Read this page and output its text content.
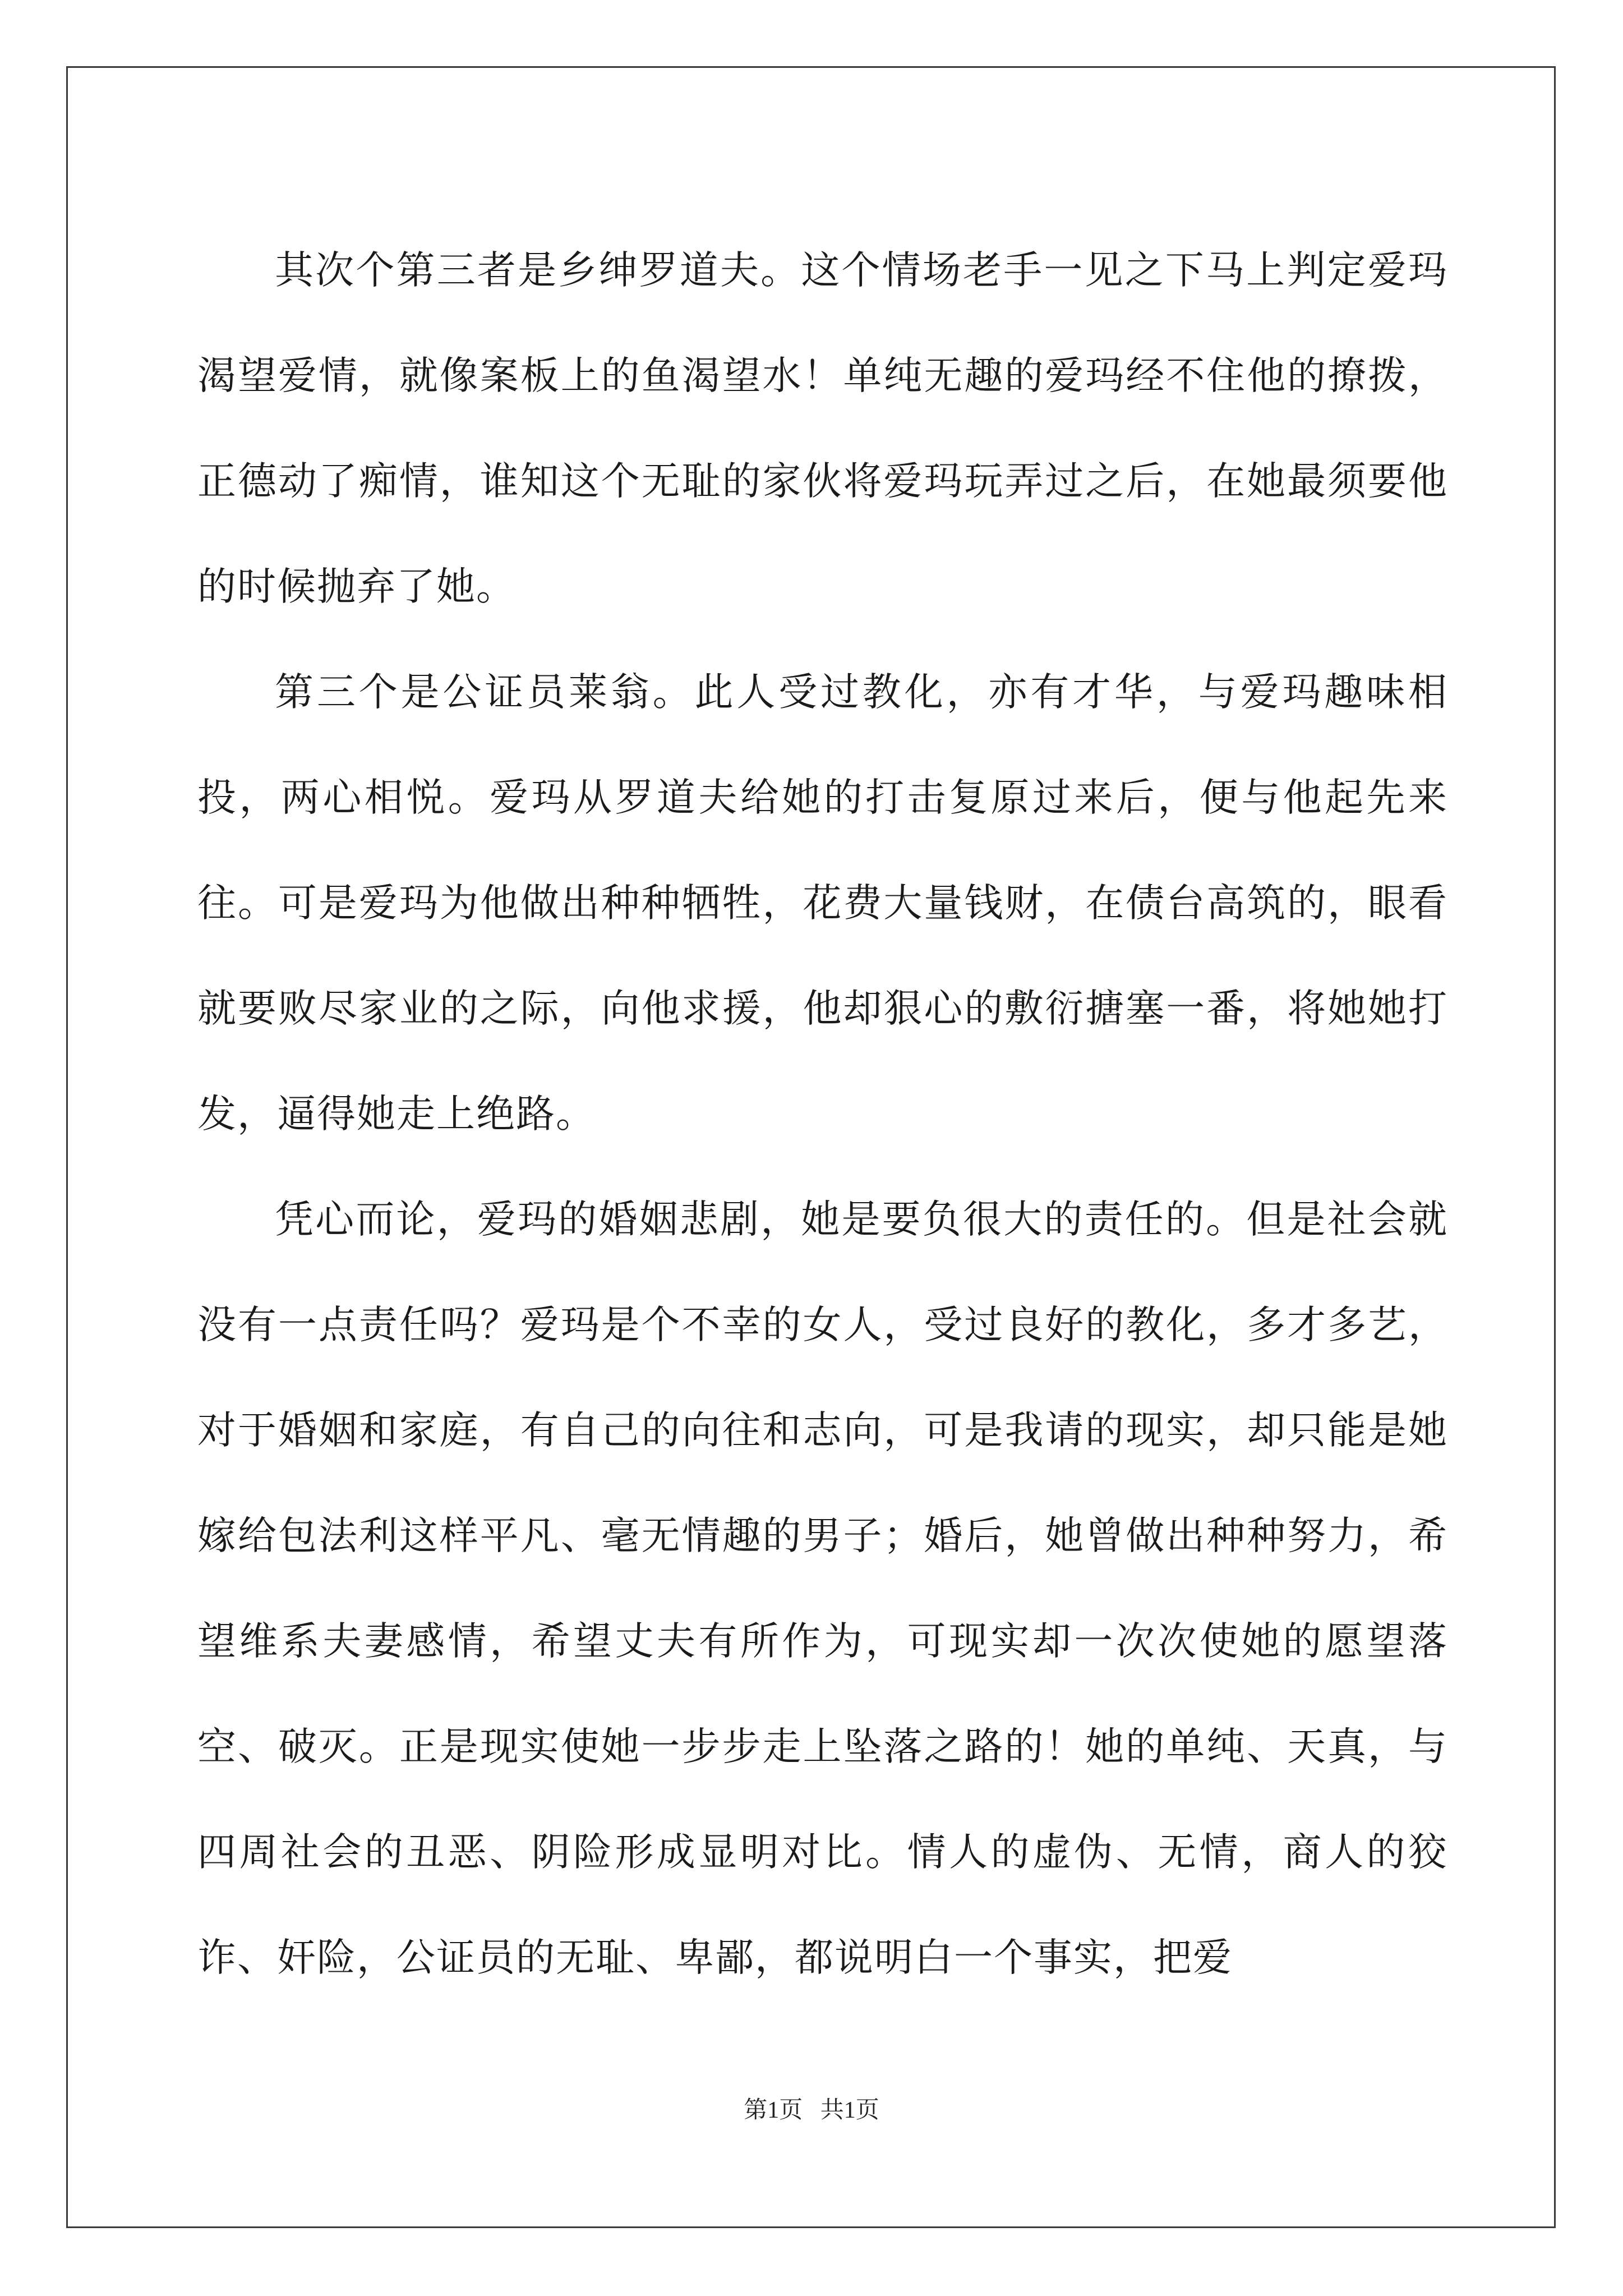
其次个第三者是乡绅罗道夫。这个情场老手一见之下马上判定爱玛渴望爱情，就像案板上的鱼渴望水！单纯无趣的爱玛经不住他的撩拨，正德动了痴情，谁知这个无耻的家伙将爱玛玩弄过之后，在她最须要他的时候抛弃了她。

第三个是公证员莱翁。此人受过教化，亦有才华，与爱玛趣味相投，两心相悦。爱玛从罗道夫给她的打击复原过来后，便与他起先来往。可是爱玛为他做出种种牺牲，花费大量钱财，在债台高筑的，眼看就要败尽家业的之际，向他求援，他却狠心的敷衍搪塞一番，将她她打发，逼得她走上绝路。

凭心而论，爱玛的婚姻悲剧，她是要负很大的责任的。但是社会就没有一点责任吗？爱玛是个不幸的女人，受过良好的教化，多才多艺，对于婚姻和家庭，有自己的向往和志向，可是我请的现实，却只能是她嫁给包法利这样平凡、毫无情趣的男子；婚后，她曾做出种种努力，希望维系夫妻感情，希望丈夫有所作为，可现实却一次次使她的愿望落空、破灭。正是现实使她一步步走上坠落之路的！她的单纯、天真，与四周社会的丑恶、阴险形成显明对比。情人的虚伪、无情，商人的狡诈、奸险，公证员的无耻、卑鄙，都说明白一个事实，把爱

第1页   共1页
